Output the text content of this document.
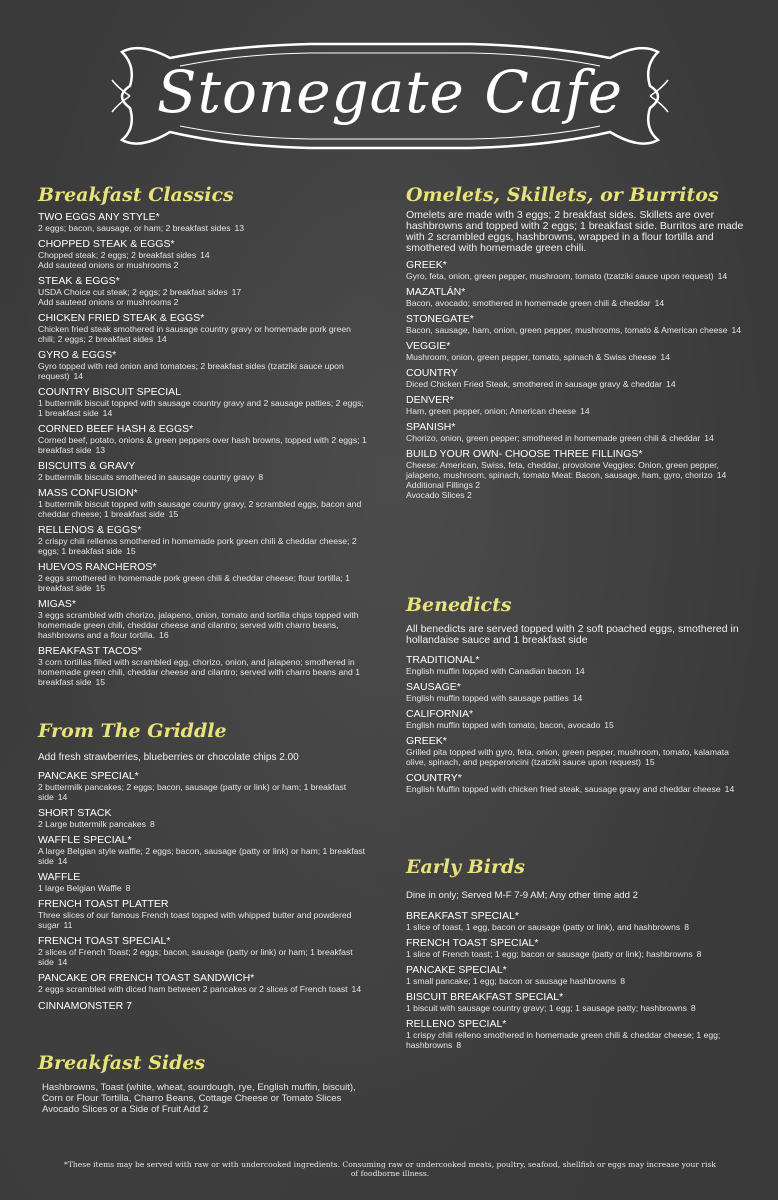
Stonegate Cafe
Breakfast Classics
TWO EGGS ANY STYLE*
2 eggs; bacon, sausage, or ham; 2 breakfast sides 13
CHOPPED STEAK & EGGS*
Chopped steak; 2 eggs; 2 breakfast sides 14
Add sauteed onions or mushrooms 2
STEAK & EGGS*
USDA Choice cut steak; 2 eggs; 2 breakfast sides 17
Add sauteed onions or mushrooms 2
CHICKEN FRIED STEAK & EGGS*
Chicken fried steak smothered in sausage country gravy or homemade pork green chili; 2 eggs; 2 breakfast sides 14
GYRO & EGGS*
Gyro topped with red onion and tomatoes; 2 breakfast sides (tzatziki sauce upon request) 14
COUNTRY BISCUIT SPECIAL
1 buttermilk biscuit topped with sausage country gravy and 2 sausage patties; 2 eggs; 1 breakfast side 14
CORNED BEEF HASH & EGGS*
Corned beef, potato, onions & green peppers over hash browns, topped with 2 eggs; 1 breakfast side 13
BISCUITS & GRAVY
2 buttermilk biscuits smothered in sausage country gravy 8
MASS CONFUSION*
1 buttermilk biscuit topped with sausage country gravy, 2 scrambled eggs, bacon and cheddar cheese; 1 breakfast side 15
RELLENOS & EGGS*
2 crispy chili rellenos smothered in homemade pork green chili & cheddar cheese; 2 eggs; 1 breakfast side 15
HUEVOS RANCHEROS*
2 eggs smothered in homemade pork green chili & cheddar cheese; flour tortilla; 1 breakfast side 15
MIGAS*
3 eggs scrambled with chorizo, jalapeno, onion, tomato and tortilla chips topped with homemade green chili, cheddar cheese and cilantro; served with charro beans, hashbrowns and a flour tortilla. 16
BREAKFAST TACOS*
3 corn tortillas filled with scrambled egg, chorizo, onion, and jalapeno; smothered in homemade green chili, cheddar cheese and cilantro; served with charro beans and 1 breakfast side 15
From The Griddle
Add fresh strawberries, blueberries or chocolate chips 2.00
PANCAKE SPECIAL*
2 buttermilk pancakes; 2 eggs; bacon, sausage (patty or link) or ham; 1 breakfast side 14
SHORT STACK
2 Large buttermilk pancakes 8
WAFFLE SPECIAL*
A large Belgian style waffle; 2 eggs; bacon, sausage (patty or link) or ham; 1 breakfast side 14
WAFFLE
1 large Belgian Waffle 8
FRENCH TOAST PLATTER
Three slices of our famous French toast topped with whipped butter and powdered sugar 11
FRENCH TOAST SPECIAL*
2 slices of French Toast; 2 eggs; bacon, sausage (patty or link) or ham; 1 breakfast side 14
PANCAKE OR FRENCH TOAST SANDWICH*
2 eggs scrambled with diced ham between 2 pancakes or 2 slices of French toast 14
CINNAMONSTER 7
Breakfast Sides
Hashbrowns, Toast (white, wheat, sourdough, rye, English muffin, biscuit), Corn or Flour Tortilla, Charro Beans, Cottage Cheese or Tomato Slices
Avocado Slices or a Side of Fruit Add 2
Omelets, Skillets, or Burritos
Omelets are made with 3 eggs; 2 breakfast sides. Skillets are over hashbrowns and topped with 2 eggs; 1 breakfast side. Burritos are made with 2 scrambled eggs, hashbrowns, wrapped in a flour tortilla and smothered with homemade green chili.
GREEK*
Gyro, feta, onion, green pepper, mushroom, tomato (tzatziki sauce upon request) 14
MAZATLÁN*
Bacon, avocado; smothered in homemade green chili & cheddar 14
STONEGATE*
Bacon, sausage, ham, onion, green pepper, mushrooms, tomato & American cheese 14
VEGGIE*
Mushroom, onion, green pepper, tomato, spinach & Swiss cheese 14
COUNTRY
Diced Chicken Fried Steak, smothered in sausage gravy & cheddar 14
DENVER*
Ham, green pepper, onion; American cheese 14
SPANISH*
Chorizo, onion, green pepper; smothered in homemade green chili & cheddar 14
BUILD YOUR OWN- CHOOSE THREE FILLINGS*
Cheese: American, Swiss, feta, cheddar, provolone Veggies: Onion, green pepper, jalapeno, mushroom, spinach, tomato Meat: Bacon, sausage, ham, gyro, chorizo 14
Additional Fillings 2
Avocado Slices 2
Benedicts
All benedicts are served topped with 2 soft poached eggs, smothered in hollandaise sauce and 1 breakfast side
TRADITIONAL*
English muffin topped with Canadian bacon 14
SAUSAGE*
English muffin topped with sausage patties 14
CALIFORNIA*
English muffin topped with tomato, bacon, avocado 15
GREEK*
Grilled pita topped with gyro, feta, onion, green pepper, mushroom, tomato, kalamata olive, spinach, and pepperoncini (tzatziki sauce upon request) 15
COUNTRY*
English Muffin topped with chicken fried steak, sausage gravy and cheddar cheese 14
Early Birds
Dine in only; Served M-F 7-9 AM; Any other time add 2
BREAKFAST SPECIAL*
1 slice of toast, 1 egg, bacon or sausage (patty or link), and hashbrowns 8
FRENCH TOAST SPECIAL*
1 slice of French toast; 1 egg; bacon or sausage (patty or link); hashbrowns 8
PANCAKE SPECIAL*
1 small pancake; 1 egg; bacon or sausage hashbrowns 8
BISCUIT BREAKFAST SPECIAL*
1 biscuit with sausage country gravy; 1 egg; 1 sausage patty; hashbrowns 8
RELLENO SPECIAL*
1 crispy chili relleno smothered in homemade green chili & cheddar cheese; 1 egg; hashbrowns 8
*These items may be served with raw or with undercooked ingredients. Consuming raw or undercooked meats, poultry, seafood, shellfish or eggs may increase your risk of foodborne illness.
